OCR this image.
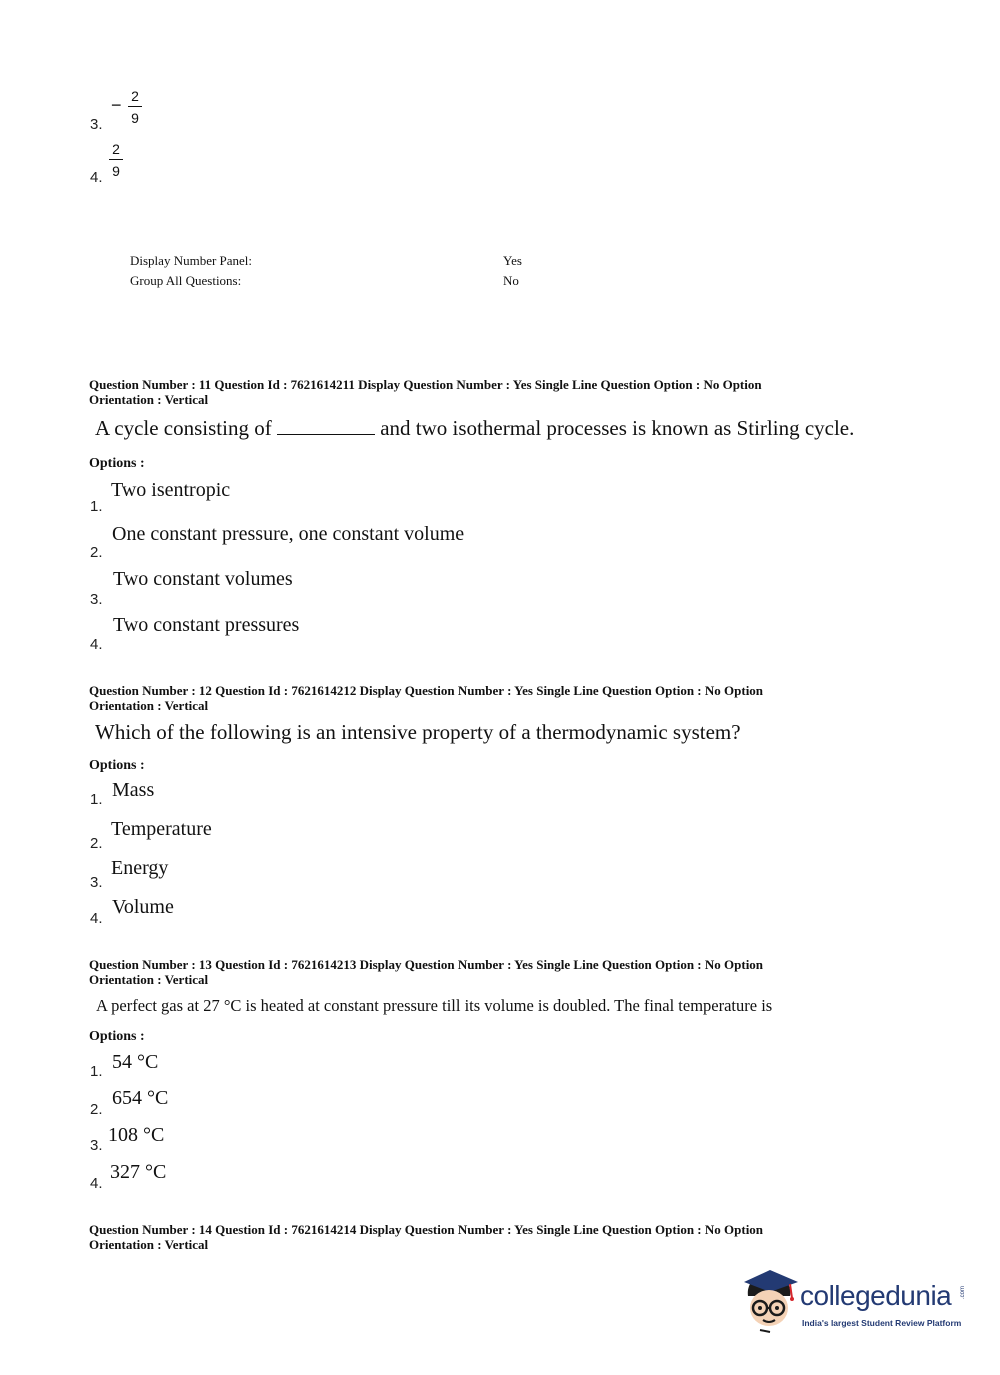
3.
− 2
9
4.
2
9
Display Number Panel:	Yes
Group All Questions:	No
Question Number : 11 Question Id : 7621614211 Display Question Number : Yes Single Line Question Option : No Option
Orientation : Vertical
A cycle consisting of	and two isothermal processes is known as Stirling cycle.
Options :
1.
Two isentropic
2.
One constant pressure, one constant volume
3.
Two constant volumes
4.
Two constant pressures
Question Number : 12 Question Id : 7621614212 Display Question Number : Yes Single Line Question Option : No Option
Orientation : Vertical
Which of the following is an intensive property of a thermodynamic system?
Options :
1. Mass
2.
Temperature
3.
Energy
4.
Volume
Question Number : 13 Question Id : 7621614213 Display Question Number : Yes Single Line Question Option : No Option
Orientation : Vertical
A perfect gas at 27 °C is heated at constant pressure till its volume is doubled. The final temperature is
Options :
1. 54 °C
2.
654 °C
3. 108 °C
4.
327 °C
Question Number : 14 Question Id : 7621614214 Display Question Number : Yes Single Line Question Option : No Option
Orientation : Vertical
collegedunia .com
India's largest Student Review Platform
